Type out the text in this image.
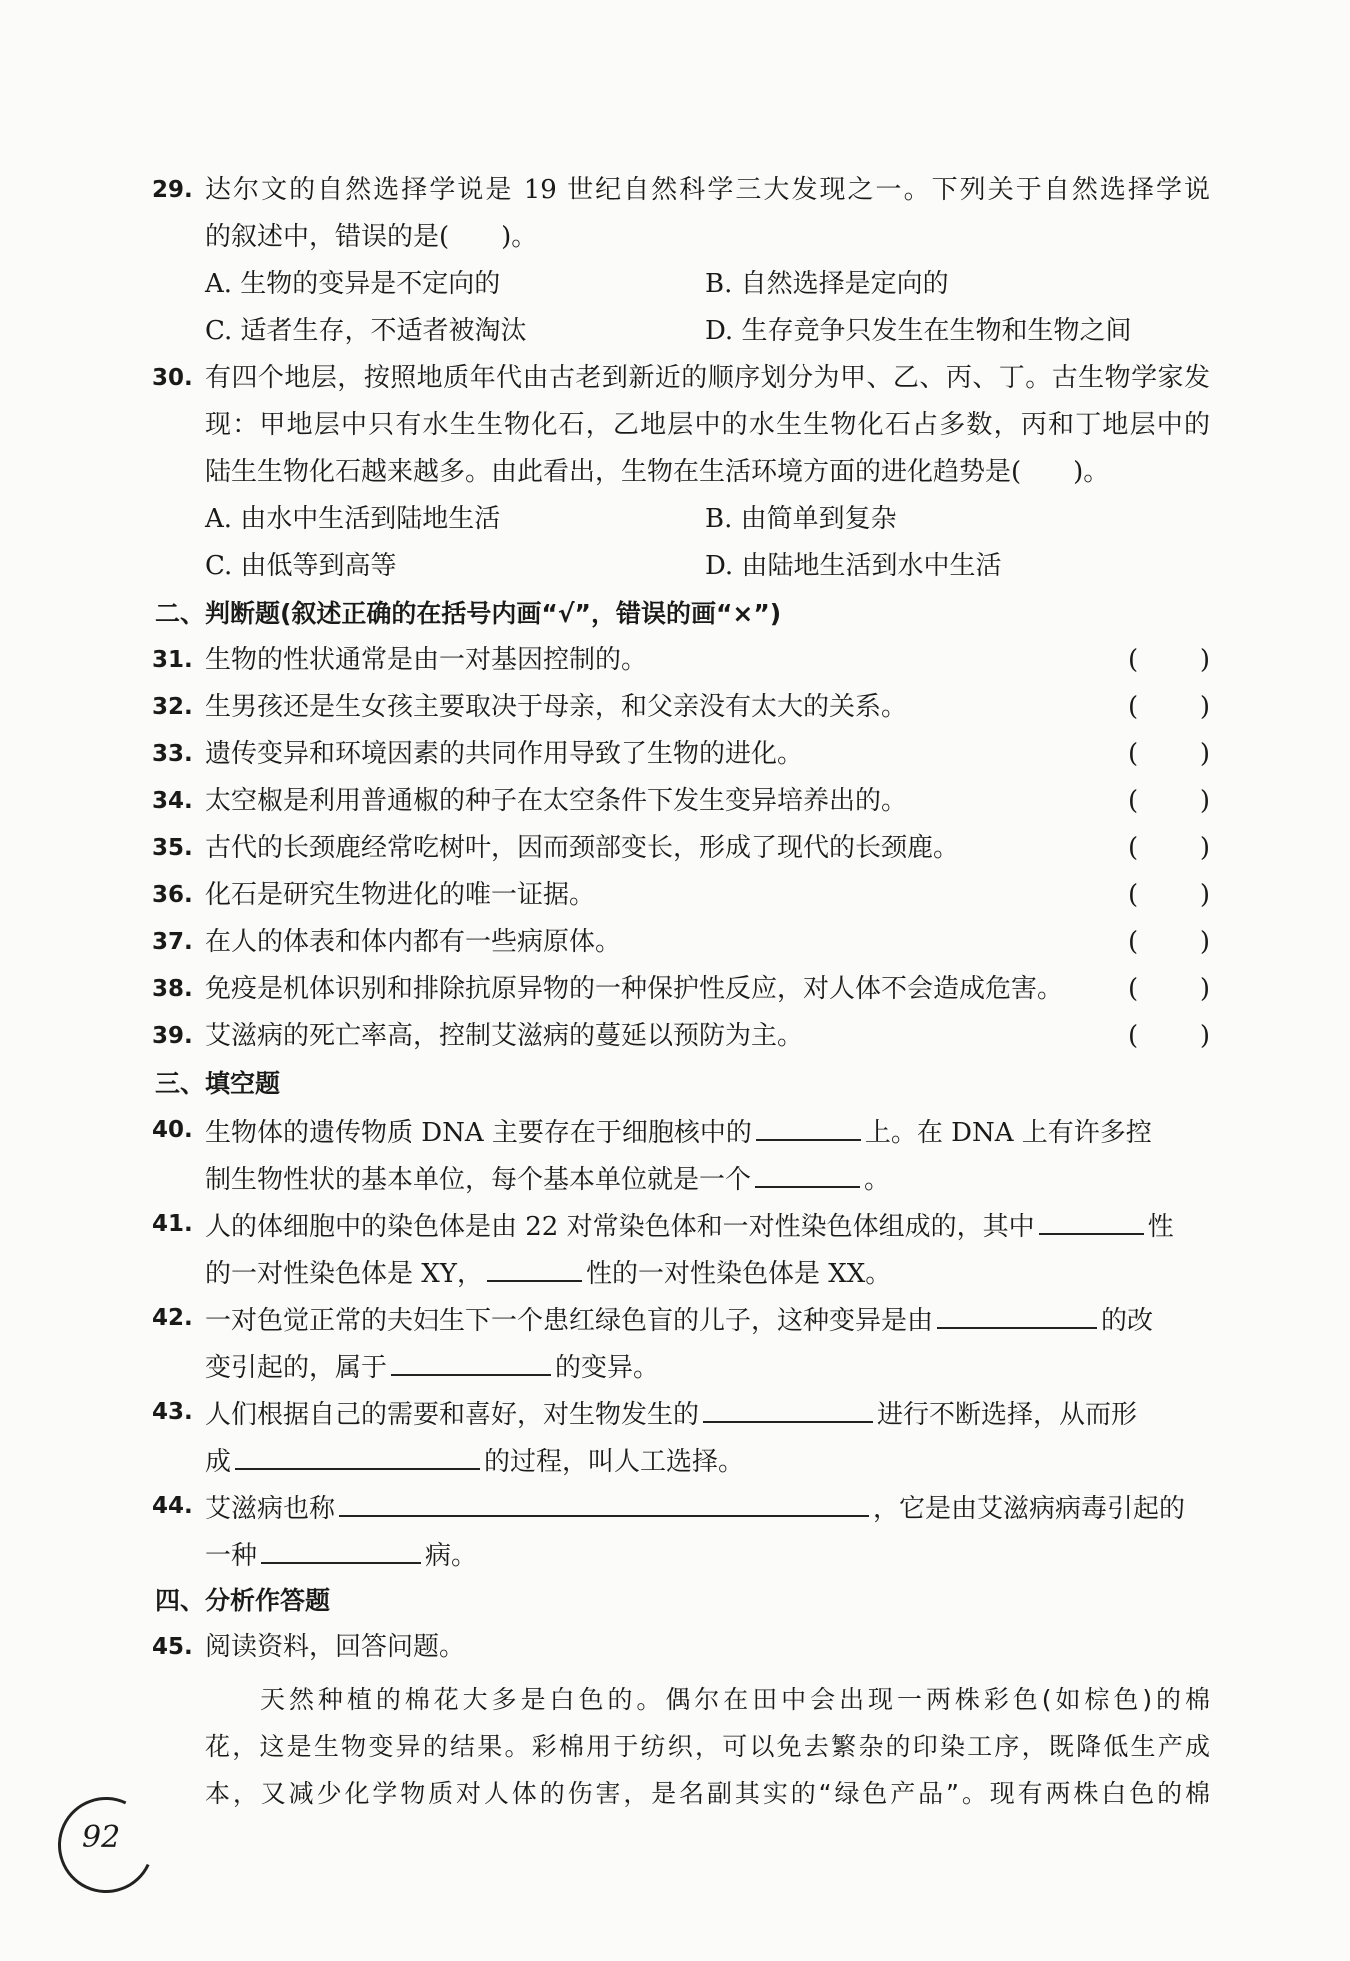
29. 达尔文的自然选择学说是 19 世纪自然科学三大发现之一。下列关于自然选择学说
的叙述中，错误的是(　　)。
A. 生物的变异是不定向的	B. 自然选择是定向的
C. 适者生存，不适者被淘汰	D. 生存竞争只发生在生物和生物之间
30. 有四个地层，按照地质年代由古老到新近的顺序划分为甲、乙、丙、丁。古生物学家发
现：甲地层中只有水生生物化石，乙地层中的水生生物化石占多数，丙和丁地层中的
陆生生物化石越来越多。由此看出，生物在生活环境方面的进化趋势是(　　)。
A. 由水中生活到陆地生活	B. 由简单到复杂
C. 由低等到高等	D. 由陆地生活到水中生活
二、判断题(叙述正确的在括号内画“√”，错误的画“×”)
31. 生物的性状通常是由一对基因控制的。	( )
32. 生男孩还是生女孩主要取决于母亲，和父亲没有太大的关系。	( )
33. 遗传变异和环境因素的共同作用导致了生物的进化。	( )
34. 太空椒是利用普通椒的种子在太空条件下发生变异培养出的。	( )
35. 古代的长颈鹿经常吃树叶，因而颈部变长，形成了现代的长颈鹿。	( )
36. 化石是研究生物进化的唯一证据。	( )
37. 在人的体表和体内都有一些病原体。	( )
38. 免疫是机体识别和排除抗原异物的一种保护性反应，对人体不会造成危害。 ( )
39. 艾滋病的死亡率高，控制艾滋病的蔓延以预防为主。	( )
三、填空题
40. 生物体的遗传物质 DNA 主要存在于细胞核中的	上。在 DNA 上有许多控
制生物性状的基本单位，每个基本单位就是一个	。
41. 人的体细胞中的染色体是由 22 对常染色体和一对性染色体组成的，其中	性
的一对性染色体是 XY，	性的一对性染色体是 XX。
42. 一对色觉正常的夫妇生下一个患红绿色盲的儿子，这种变异是由	的改
变引起的，属于	的变异。
43. 人们根据自己的需要和喜好，对生物发生的	进行不断选择，从而形
成	的过程，叫人工选择。
44. 艾滋病也称	，它是由艾滋病病毒引起的
一种	病。
四、分析作答题
45. 阅读资料，回答问题。
天然种植的棉花大多是白色的。偶尔在田中会出现一两株彩色(如棕色)的棉
花，这是生物变异的结果。彩棉用于纺织，可以免去繁杂的印染工序，既降低生产成
本，又减少化学物质对人体的伤害，是名副其实的“绿色产品”。现有两株白色的棉
92
